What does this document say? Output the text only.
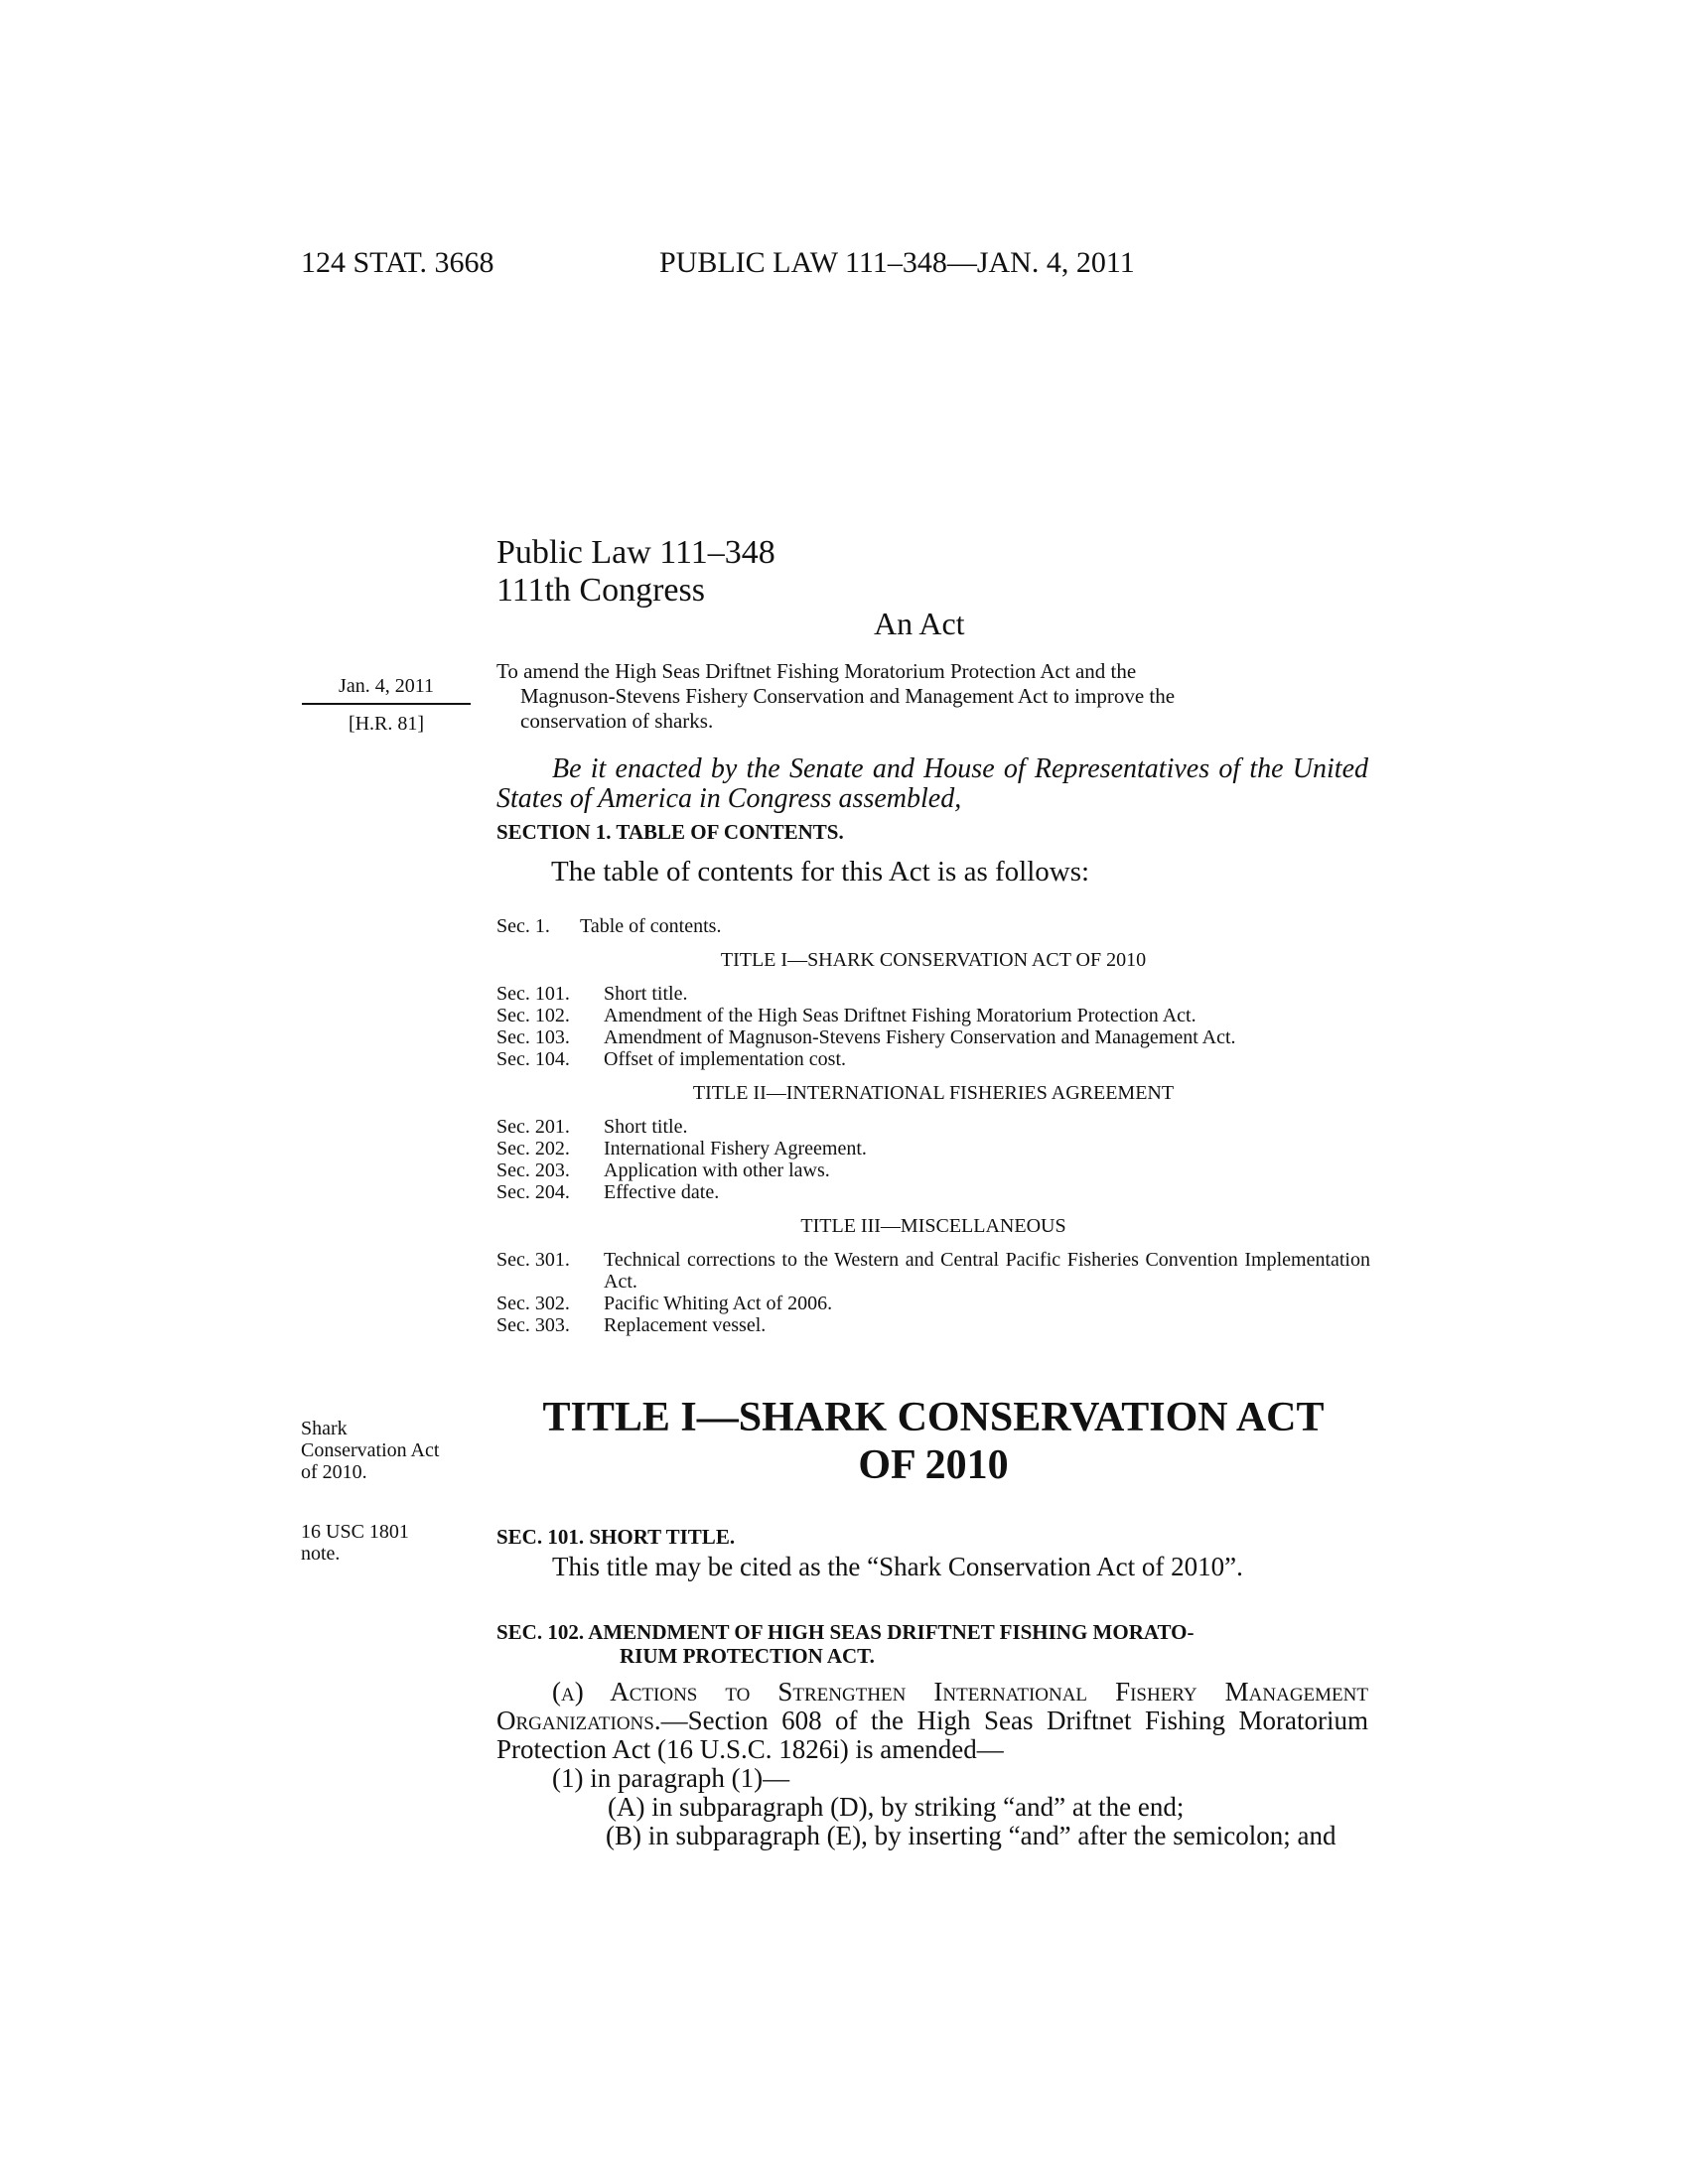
124 STAT. 3668	PUBLIC LAW 111–348—JAN. 4, 2011
Public Law 111–348
111th Congress
An Act
Jan. 4, 2011
[H.R. 81]
To amend the High Seas Driftnet Fishing Moratorium Protection Act and the
Magnuson-Stevens Fishery Conservation and Management Act to improve the
conservation of sharks.
Be it enacted by the Senate and House of Representatives of the United States of America in Congress assembled,
SECTION 1. TABLE OF CONTENTS.
The table of contents for this Act is as follows:
Sec. 1.	Table of contents.
TITLE I—SHARK CONSERVATION ACT OF 2010
Sec. 101.	Short title.
Sec. 102.	Amendment of the High Seas Driftnet Fishing Moratorium Protection Act.
Sec. 103.	Amendment of Magnuson-Stevens Fishery Conservation and Management Act.
Sec. 104.	Offset of implementation cost.
TITLE II—INTERNATIONAL FISHERIES AGREEMENT
Sec. 201.	Short title.
Sec. 202.	International Fishery Agreement.
Sec. 203.	Application with other laws.
Sec. 204.	Effective date.
TITLE III—MISCELLANEOUS
Sec. 301.	Technical corrections to the Western and Central Pacific Fisheries Convention Implementation Act.
Sec. 302.	Pacific Whiting Act of 2006.
Sec. 303.	Replacement vessel.
Shark
Conservation Act
of 2010.
TITLE I—SHARK CONSERVATION ACT
OF 2010
16 USC 1801
note.
SEC. 101. SHORT TITLE.
This title may be cited as the “Shark Conservation Act of 2010”.
SEC. 102. AMENDMENT OF HIGH SEAS DRIFTNET FISHING MORATO-
RIUM PROTECTION ACT.
(a) Actions to Strengthen International Fishery Management Organizations.—Section 608 of the High Seas Driftnet Fishing Moratorium Protection Act (16 U.S.C. 1826i) is amended—
(1) in paragraph (1)—
(A) in subparagraph (D), by striking “and” at the end;
(B) in subparagraph (E), by inserting “and” after the semicolon; and
